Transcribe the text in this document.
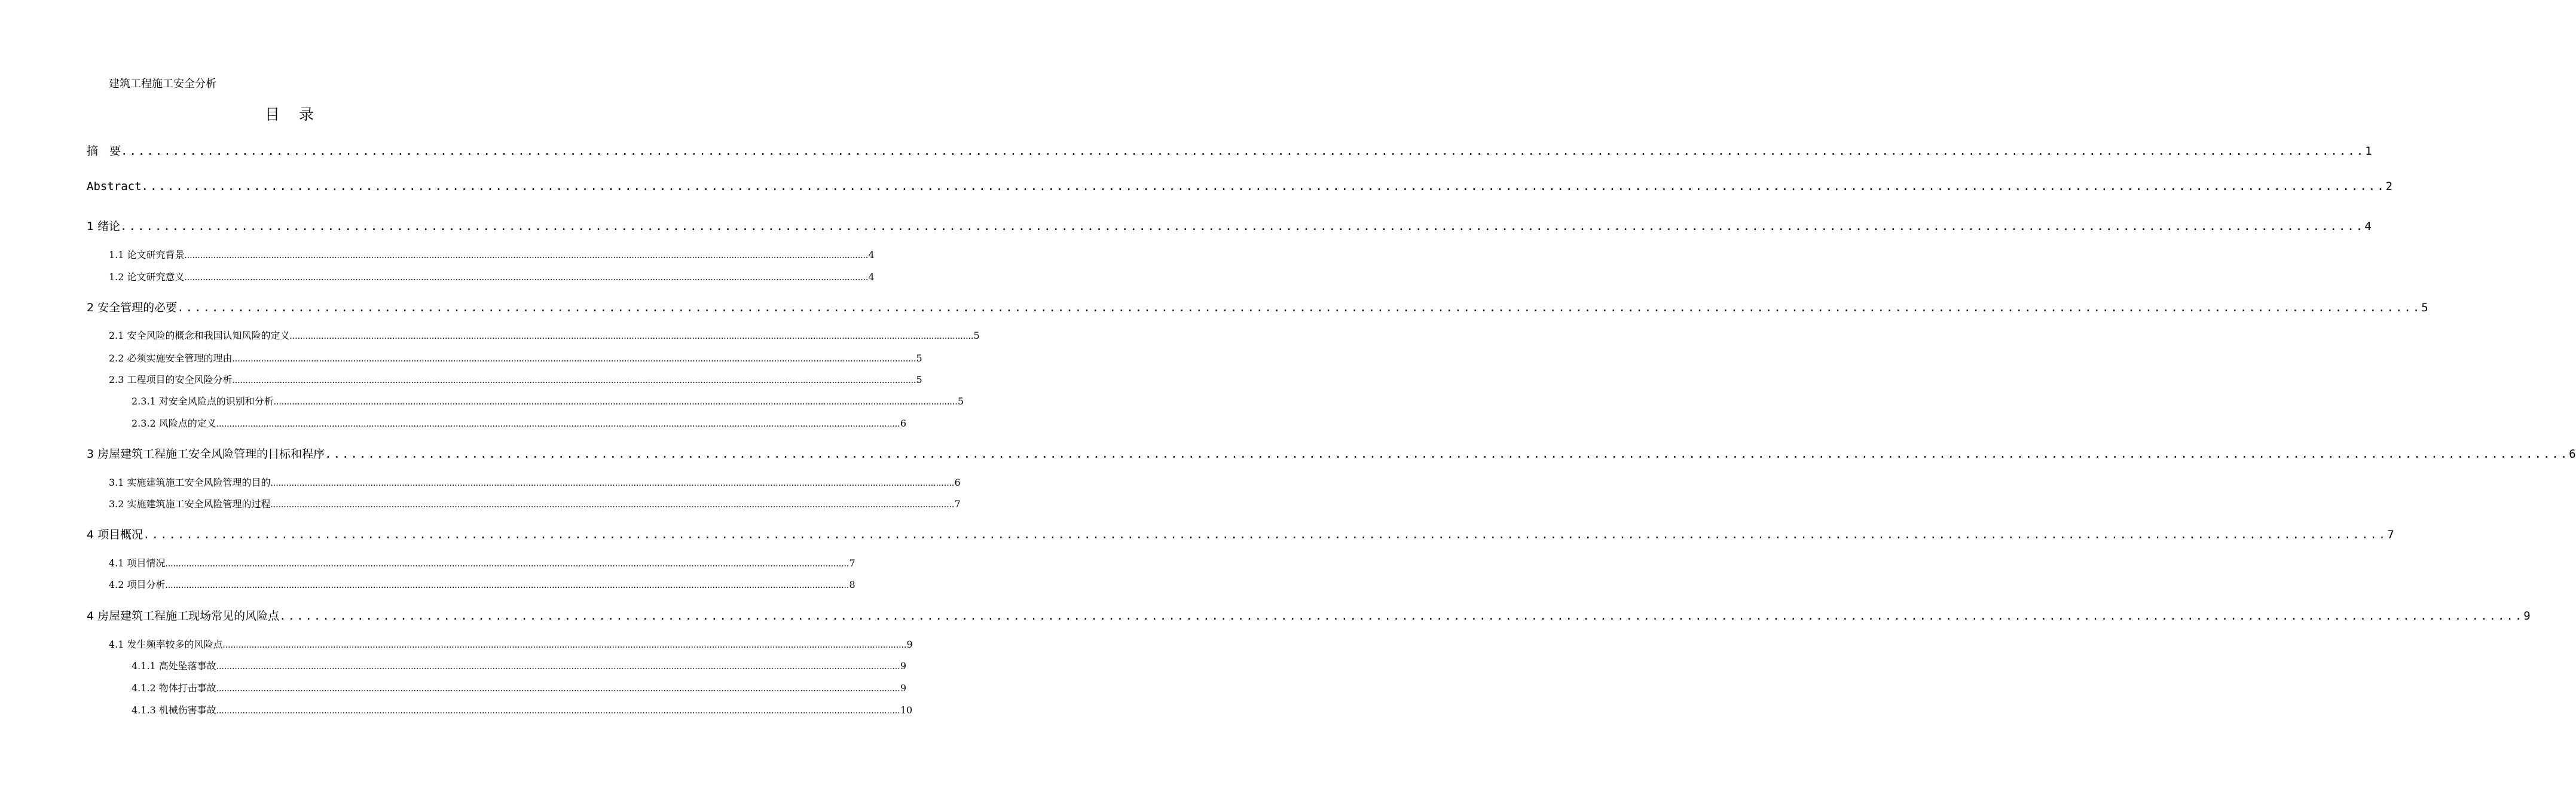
建筑工程施工安全分析
目录
摘　要 .................................................................................................................................................................................................................................................................... 1
Abstract .................................................................................................................................................................................................................................................................... 2
1 绪论 .................................................................................................................................................................................................................................................................... 4
1.1 论文研究背景 .................................................................................................................................................................................................................................................................... 4
1.2 论文研究意义 .................................................................................................................................................................................................................................................................... 4
2 安全管理的必要 .................................................................................................................................................................................................................................................................... 5
2.1 安全风险的概念和我国认知风险的定义 .................................................................................................................................................................................................................................................................... 5
2.2 必须实施安全管理的理由 .................................................................................................................................................................................................................................................................... 5
2.3 工程项目的安全风险分析 .................................................................................................................................................................................................................................................................... 5
2.3.1 对安全风险点的识别和分析 .................................................................................................................................................................................................................................................................... 5
2.3.2 风险点的定义 .................................................................................................................................................................................................................................................................... 6
3 房屋建筑工程施工安全风险管理的目标和程序 .................................................................................................................................................................................................................................................................... 6
3.1 实施建筑施工安全风险管理的目的 .................................................................................................................................................................................................................................................................... 6
3.2 实施建筑施工安全风险管理的过程 .................................................................................................................................................................................................................................................................... 7
4 项目概况 .................................................................................................................................................................................................................................................................... 7
4.1 项目情况 .................................................................................................................................................................................................................................................................... 7
4.2 项目分析 .................................................................................................................................................................................................................................................................... 8
4 房屋建筑工程施工现场常见的风险点 .................................................................................................................................................................................................................................................................... 9
4.1 发生频率较多的风险点 .................................................................................................................................................................................................................................................................... 9
4.1.1 高处坠落事故 .................................................................................................................................................................................................................................................................... 9
4.1.2 物体打击事故 .................................................................................................................................................................................................................................................................... 9
4.1.3 机械伤害事故 .................................................................................................................................................................................................................................................................... 10
